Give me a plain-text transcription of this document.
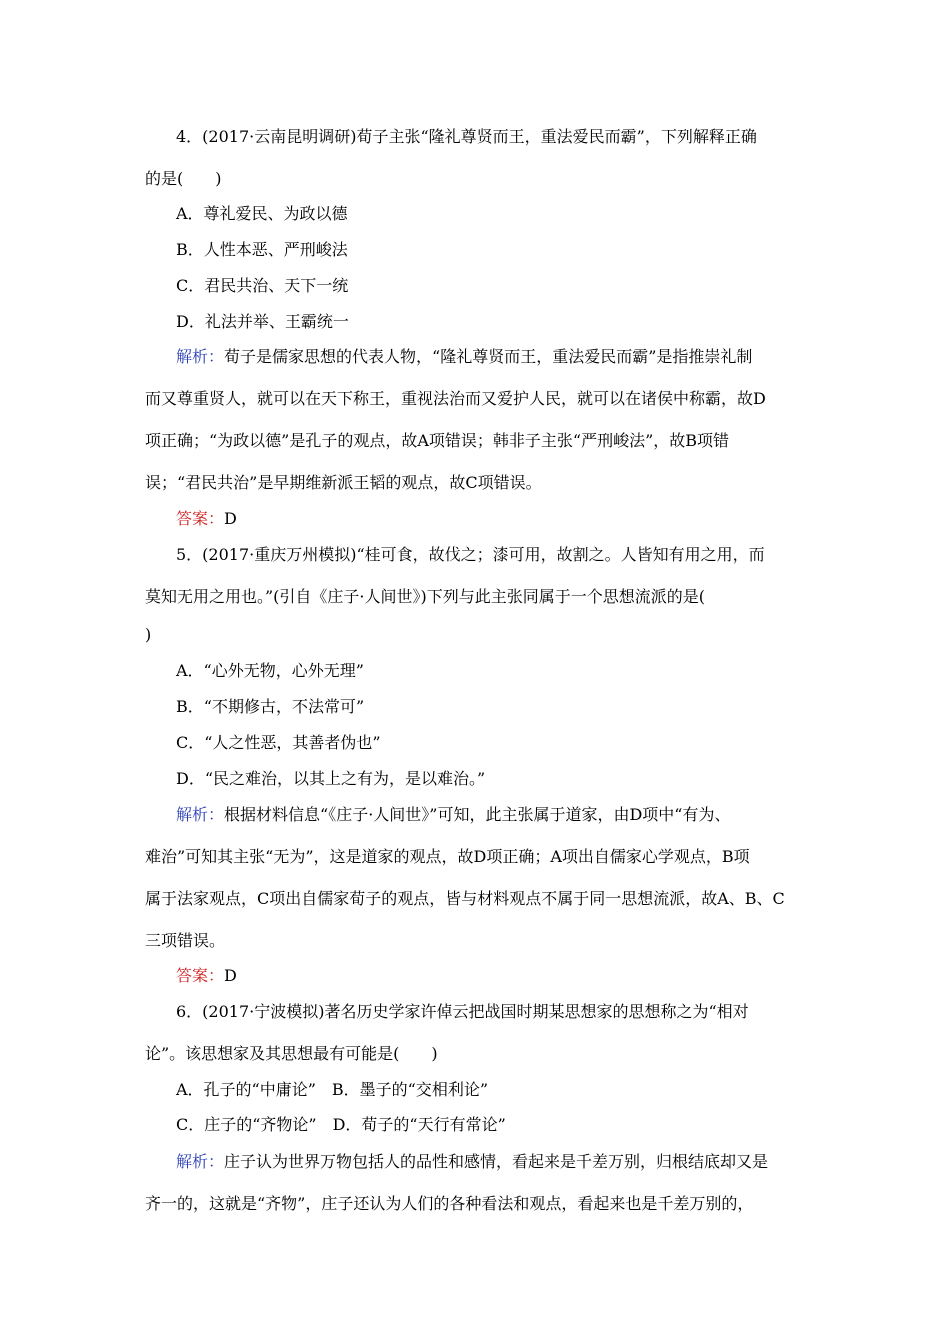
4．(2017·云南昆明调研)荀子主张“隆礼尊贤而王，重法爱民而霸”，下列解释正确
的是(　　)
A．尊礼爱民、为政以德
B．人性本恶、严刑峻法
C．君民共治、天下一统
D．礼法并举、王霸统一
解析：荀子是儒家思想的代表人物，“隆礼尊贤而王，重法爱民而霸”是指推崇礼制
而又尊重贤人，就可以在天下称王，重视法治而又爱护人民，就可以在诸侯中称霸，故D
项正确；“为政以德”是孔子的观点，故A项错误；韩非子主张“严刑峻法”，故B项错
误；“君民共治”是早期维新派王韬的观点，故C项错误。
答案：D
5．(2017·重庆万州模拟)“桂可食，故伐之；漆可用，故割之。人皆知有用之用，而
莫知无用之用也。”(引自《庄子·人间世》)下列与此主张同属于一个思想流派的是(
)
A．“心外无物，心外无理”
B．“不期修古，不法常可”
C．“人之性恶，其善者伪也”
D．“民之难治，以其上之有为，是以难治。”
解析：根据材料信息“《庄子·人间世》”可知，此主张属于道家，由D项中“有为、
难治”可知其主张“无为”，这是道家的观点，故D项正确；A项出自儒家心学观点，B项
属于法家观点，C项出自儒家荀子的观点，皆与材料观点不属于同一思想流派，故A、B、C
三项错误。
答案：D
6．(2017·宁波模拟)著名历史学家许倬云把战国时期某思想家的思想称之为“相对
论”。该思想家及其思想最有可能是(　　)
A．孔子的“中庸论”　B．墨子的“交相利论”
C．庄子的“齐物论”　D．荀子的“天行有常论”
解析：庄子认为世界万物包括人的品性和感情，看起来是千差万别，归根结底却又是
齐一的，这就是“齐物”，庄子还认为人们的各种看法和观点，看起来也是千差万别的，
